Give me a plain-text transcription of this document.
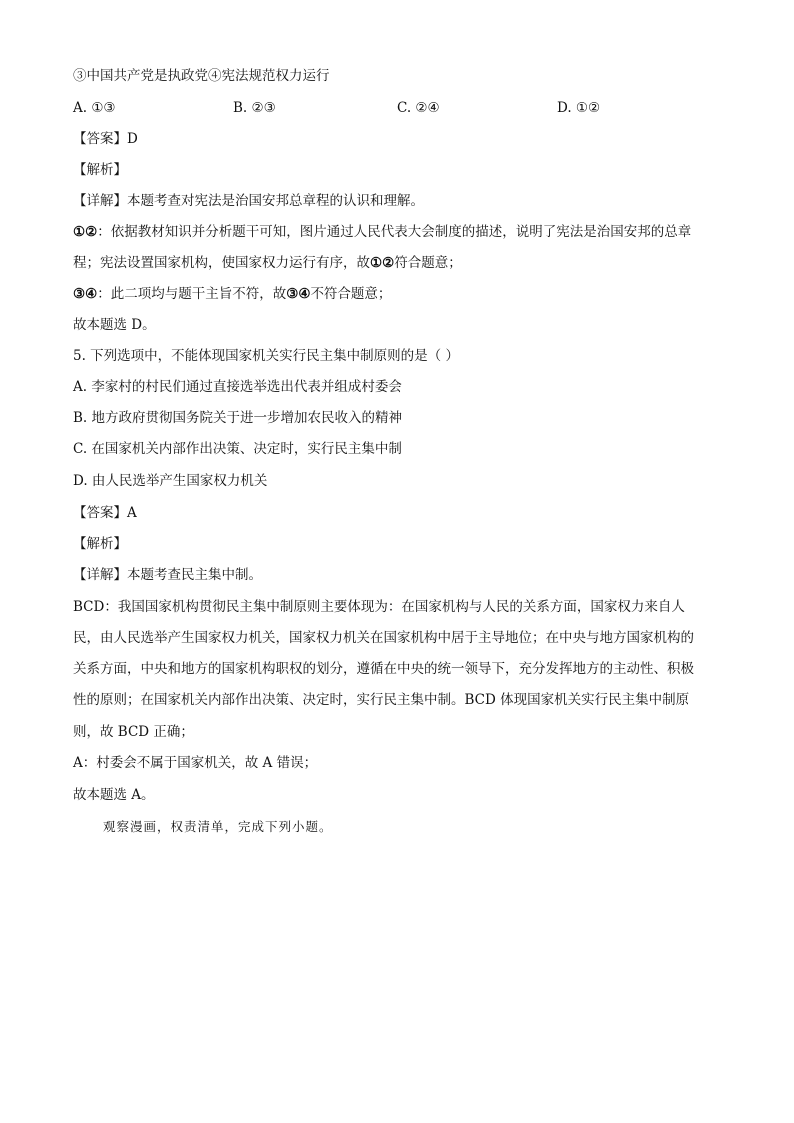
③中国共产党是执政党④宪法规范权力运行
A. ①③	B. ②③	C. ②④	D. ①②
【答案】D
【解析】
【详解】本题考查对宪法是治国安邦总章程的认识和理解。
①②：依据教材知识并分析题干可知，图片通过人民代表大会制度的描述，说明了宪法是治国安邦的总章
程；宪法设置国家机构，使国家权力运行有序，故①②符合题意；
③④：此二项均与题干主旨不符，故③④不符合题意；
故本题选 D。
5. 下列选项中，不能体现国家机关实行民主集中制原则的是（ ）
A. 李家村的村民们通过直接选举选出代表并组成村委会
B. 地方政府贯彻国务院关于进一步增加农民收入的精神
C. 在国家机关内部作出决策、决定时，实行民主集中制
D. 由人民选举产生国家权力机关
【答案】A
【解析】
【详解】本题考查民主集中制。
BCD：我国国家机构贯彻民主集中制原则主要体现为：在国家机构与人民的关系方面，国家权力来自人
民，由人民选举产生国家权力机关，国家权力机关在国家机构中居于主导地位；在中央与地方国家机构的
关系方面，中央和地方的国家机构职权的划分，遵循在中央的统一领导下，充分发挥地方的主动性、积极
性的原则；在国家机关内部作出决策、决定时，实行民主集中制。BCD 体现国家机关实行民主集中制原
则，故 BCD 正确；
A：村委会不属于国家机关，故 A 错误；
故本题选 A。
观察漫画，权责清单，完成下列小题。
